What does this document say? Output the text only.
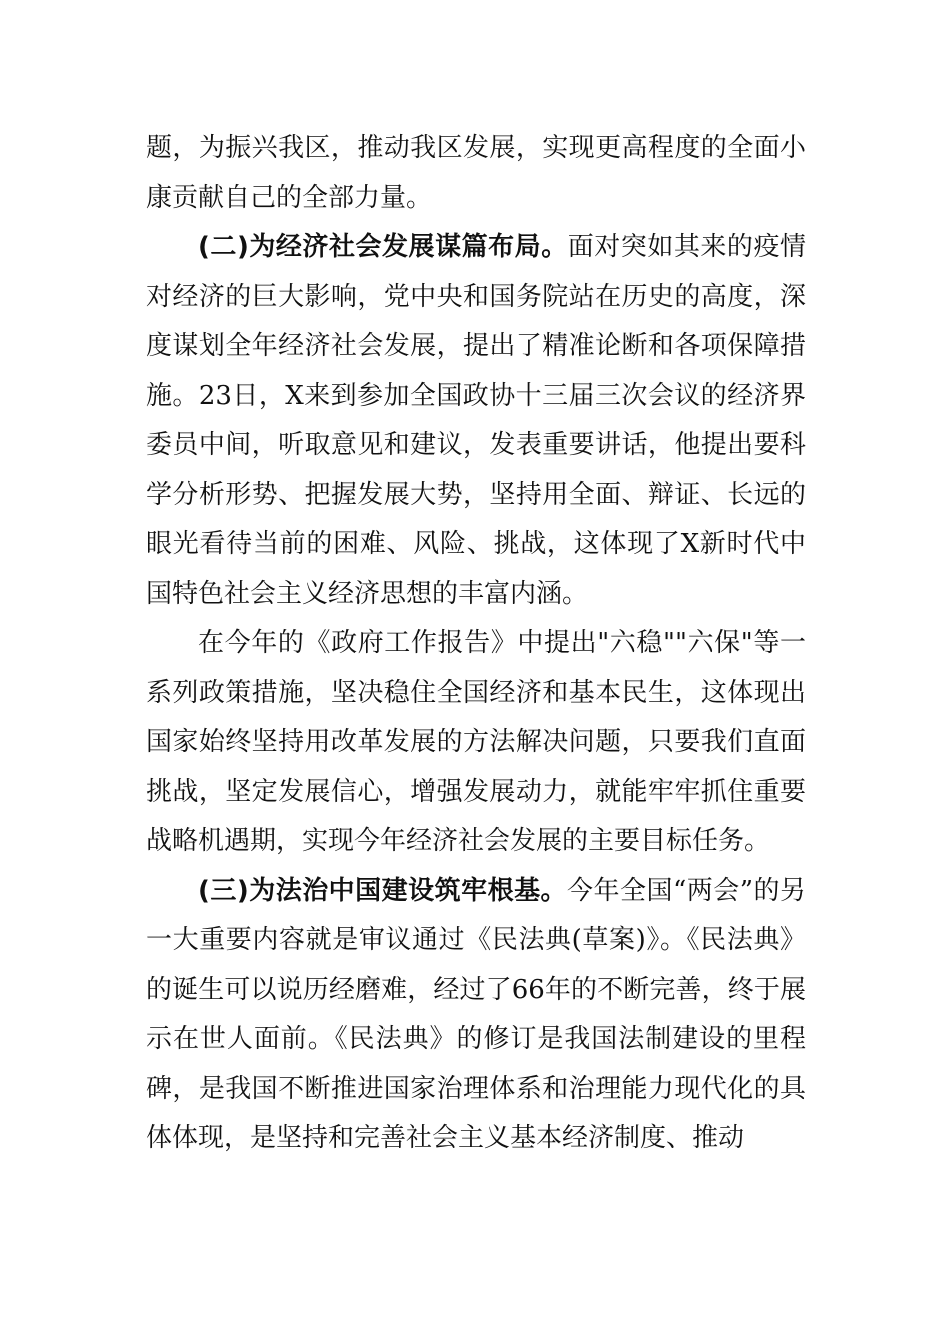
题，为振兴我区，推动我区发展，实现更高程度的全面小康贡献自己的全部力量。

(二)为经济社会发展谋篇布局。面对突如其来的疫情对经济的巨大影响，党中央和国务院站在历史的高度，深度谋划全年经济社会发展，提出了精准论断和各项保障措施。23日，X来到参加全国政协十三届三次会议的经济界委员中间，听取意见和建议，发表重要讲话，他提出要科学分析形势、把握发展大势，坚持用全面、辩证、长远的眼光看待当前的困难、风险、挑战，这体现了X新时代中国特色社会主义经济思想的丰富内涵。

在今年的《政府工作报告》中提出"六稳""六保"等一系列政策措施，坚决稳住全国经济和基本民生，这体现出国家始终坚持用改革发展的方法解决问题，只要我们直面挑战，坚定发展信心，增强发展动力，就能牢牢抓住重要战略机遇期，实现今年经济社会发展的主要目标任务。

(三)为法治中国建设筑牢根基。今年全国“两会”的另一大重要内容就是审议通过《民法典(草案)》。《民法典》的诞生可以说历经磨难，经过了66年的不断完善，终于展示在世人面前。《民法典》的修订是我国法制建设的里程碑，是我国不断推进国家治理体系和治理能力现代化的具体体现，是坚持和完善社会主义基本经济制度、推动
